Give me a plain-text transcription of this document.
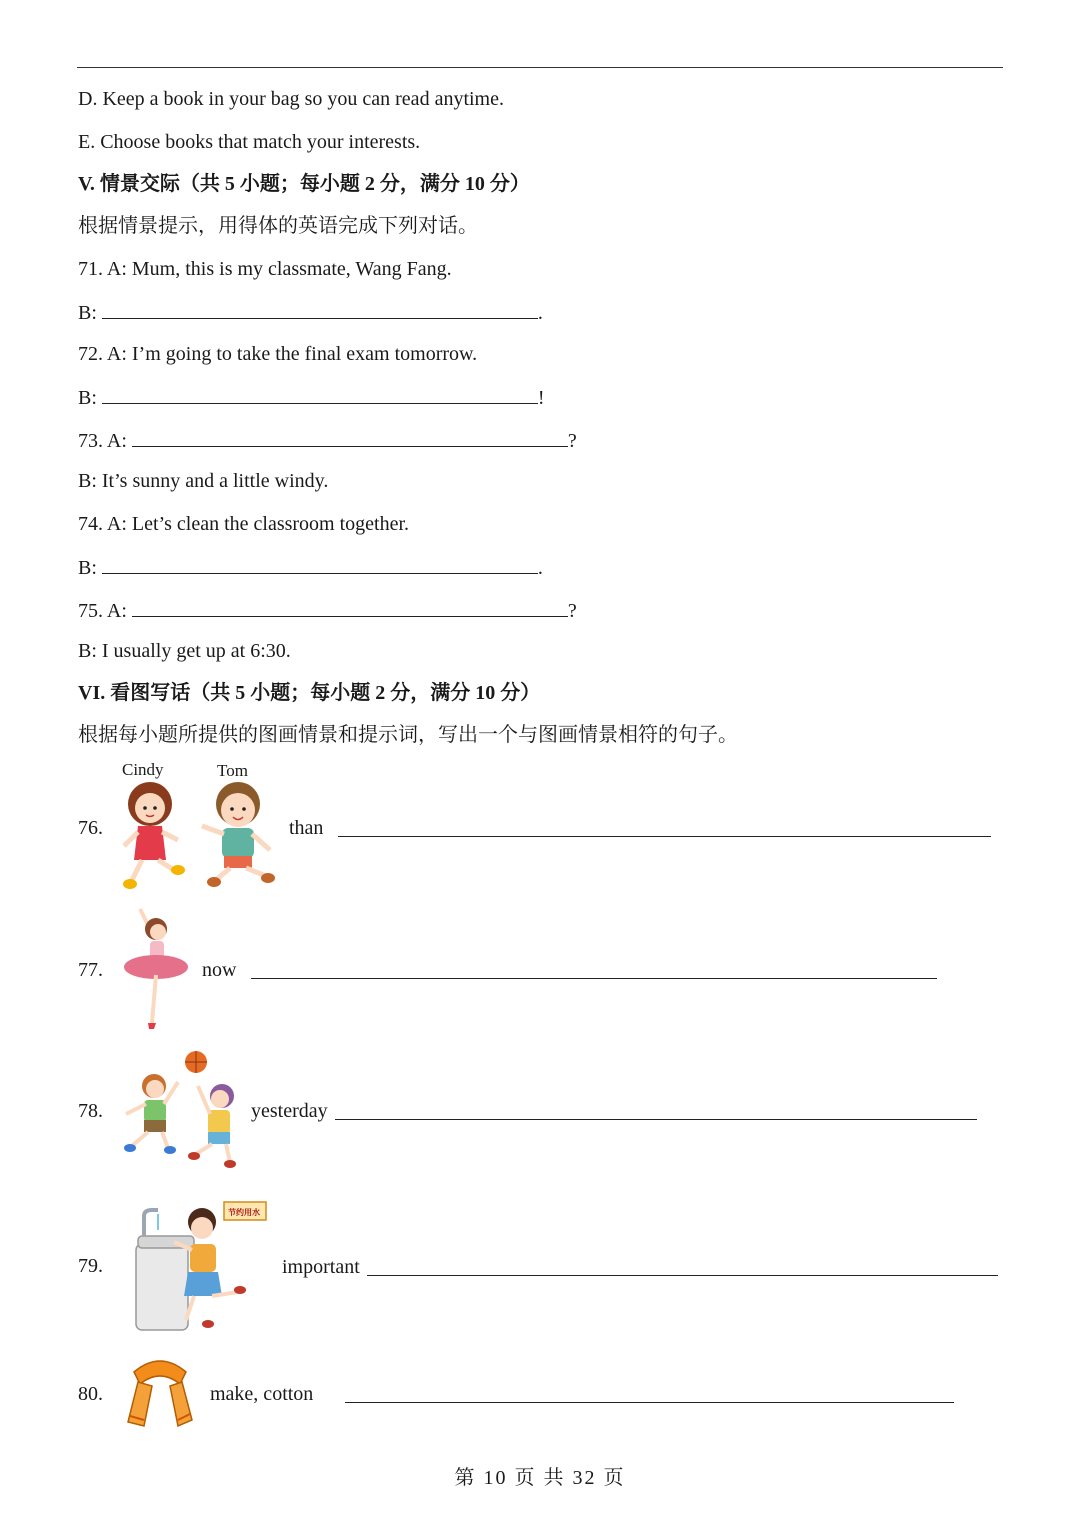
D. Keep a book in your bag so you can read anytime.
E. Choose books that match your interests.
V. 情景交际（共 5 小题；每小题 2 分，满分 10 分）
根据情景提示，用得体的英语完成下列对话。
71. A: Mum, this is my classmate, Wang Fang.
B:	.
72. A: I’m going to take the final exam tomorrow.
B:	!
73. A:	?
B: It’s sunny and a little windy.
74. A: Let’s clean the classroom together.
B:	.
75. A:	?
B: I usually get up at 6:30.
VI. 看图写话（共 5 小题；每小题 2 分，满分 10 分）
根据每小题所提供的图画情景和提示词，写出一个与图画情景相符的句子。
Cindy	Tom
76.	than
77.	now
78.	yesterday
79.
节约用水
important
80.	make, cotton
第 10 页 共 32 页
